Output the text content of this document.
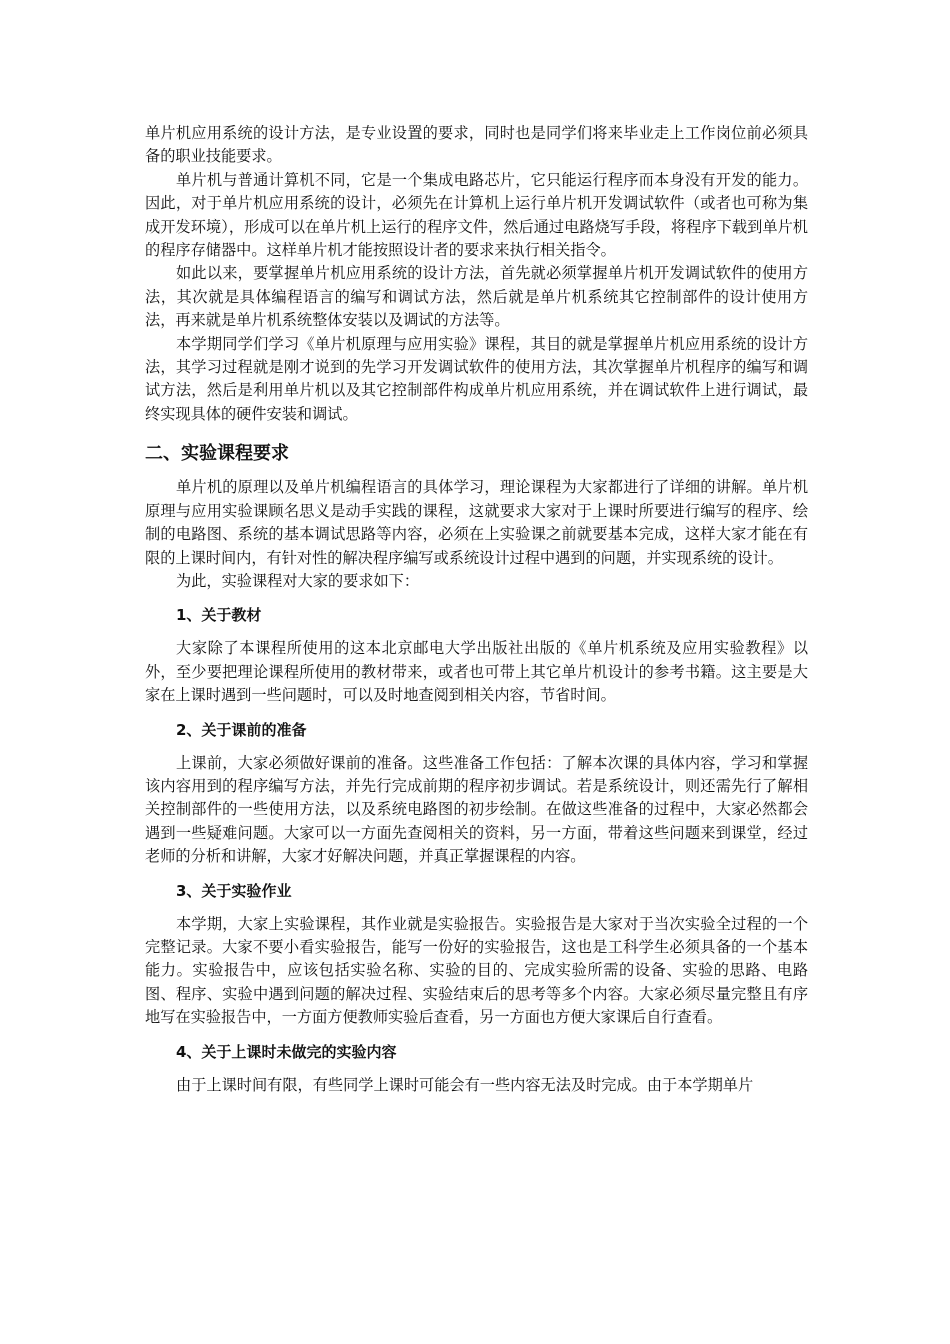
单片机应用系统的设计方法，是专业设置的要求，同时也是同学们将来毕业走上工作岗位前必须具备的职业技能要求。

单片机与普通计算机不同，它是一个集成电路芯片，它只能运行程序而本身没有开发的能力。因此，对于单片机应用系统的设计，必须先在计算机上运行单片机开发调试软件（或者也可称为集成开发环境），形成可以在单片机上运行的程序文件，然后通过电路烧写手段，将程序下载到单片机的程序存储器中。这样单片机才能按照设计者的要求来执行相关指令。

如此以来，要掌握单片机应用系统的设计方法，首先就必须掌握单片机开发调试软件的使用方法，其次就是具体编程语言的编写和调试方法，然后就是单片机系统其它控制部件的设计使用方法，再来就是单片机系统整体安装以及调试的方法等。

本学期同学们学习《单片机原理与应用实验》课程，其目的就是掌握单片机应用系统的设计方法，其学习过程就是刚才说到的先学习开发调试软件的使用方法，其次掌握单片机程序的编写和调试方法，然后是利用单片机以及其它控制部件构成单片机应用系统，并在调试软件上进行调试，最终实现具体的硬件安装和调试。

二、实验课程要求

单片机的原理以及单片机编程语言的具体学习，理论课程为大家都进行了详细的讲解。单片机原理与应用实验课顾名思义是动手实践的课程，这就要求大家对于上课时所要进行编写的程序、绘制的电路图、系统的基本调试思路等内容，必须在上实验课之前就要基本完成，这样大家才能在有限的上课时间内，有针对性的解决程序编写或系统设计过程中遇到的问题，并实现系统的设计。

为此，实验课程对大家的要求如下：

1、关于教材

大家除了本课程所使用的这本北京邮电大学出版社出版的《单片机系统及应用实验教程》以外，至少要把理论课程所使用的教材带来，或者也可带上其它单片机设计的参考书籍。这主要是大家在上课时遇到一些问题时，可以及时地查阅到相关内容，节省时间。

2、关于课前的准备

上课前，大家必须做好课前的准备。这些准备工作包括：了解本次课的具体内容，学习和掌握该内容用到的程序编写方法，并先行完成前期的程序初步调试。若是系统设计，则还需先行了解相关控制部件的一些使用方法，以及系统电路图的初步绘制。在做这些准备的过程中，大家必然都会遇到一些疑难问题。大家可以一方面先查阅相关的资料，另一方面，带着这些问题来到课堂，经过老师的分析和讲解，大家才好解决问题，并真正掌握课程的内容。

3、关于实验作业

本学期，大家上实验课程，其作业就是实验报告。实验报告是大家对于当次实验全过程的一个完整记录。大家不要小看实验报告，能写一份好的实验报告，这也是工科学生必须具备的一个基本能力。实验报告中，应该包括实验名称、实验的目的、完成实验所需的设备、实验的思路、电路图、程序、实验中遇到问题的解决过程、实验结束后的思考等多个内容。大家必须尽量完整且有序地写在实验报告中，一方面方便教师实验后查看，另一方面也方便大家课后自行查看。

4、关于上课时未做完的实验内容

由于上课时间有限，有些同学上课时可能会有一些内容无法及时完成。由于本学期单片
